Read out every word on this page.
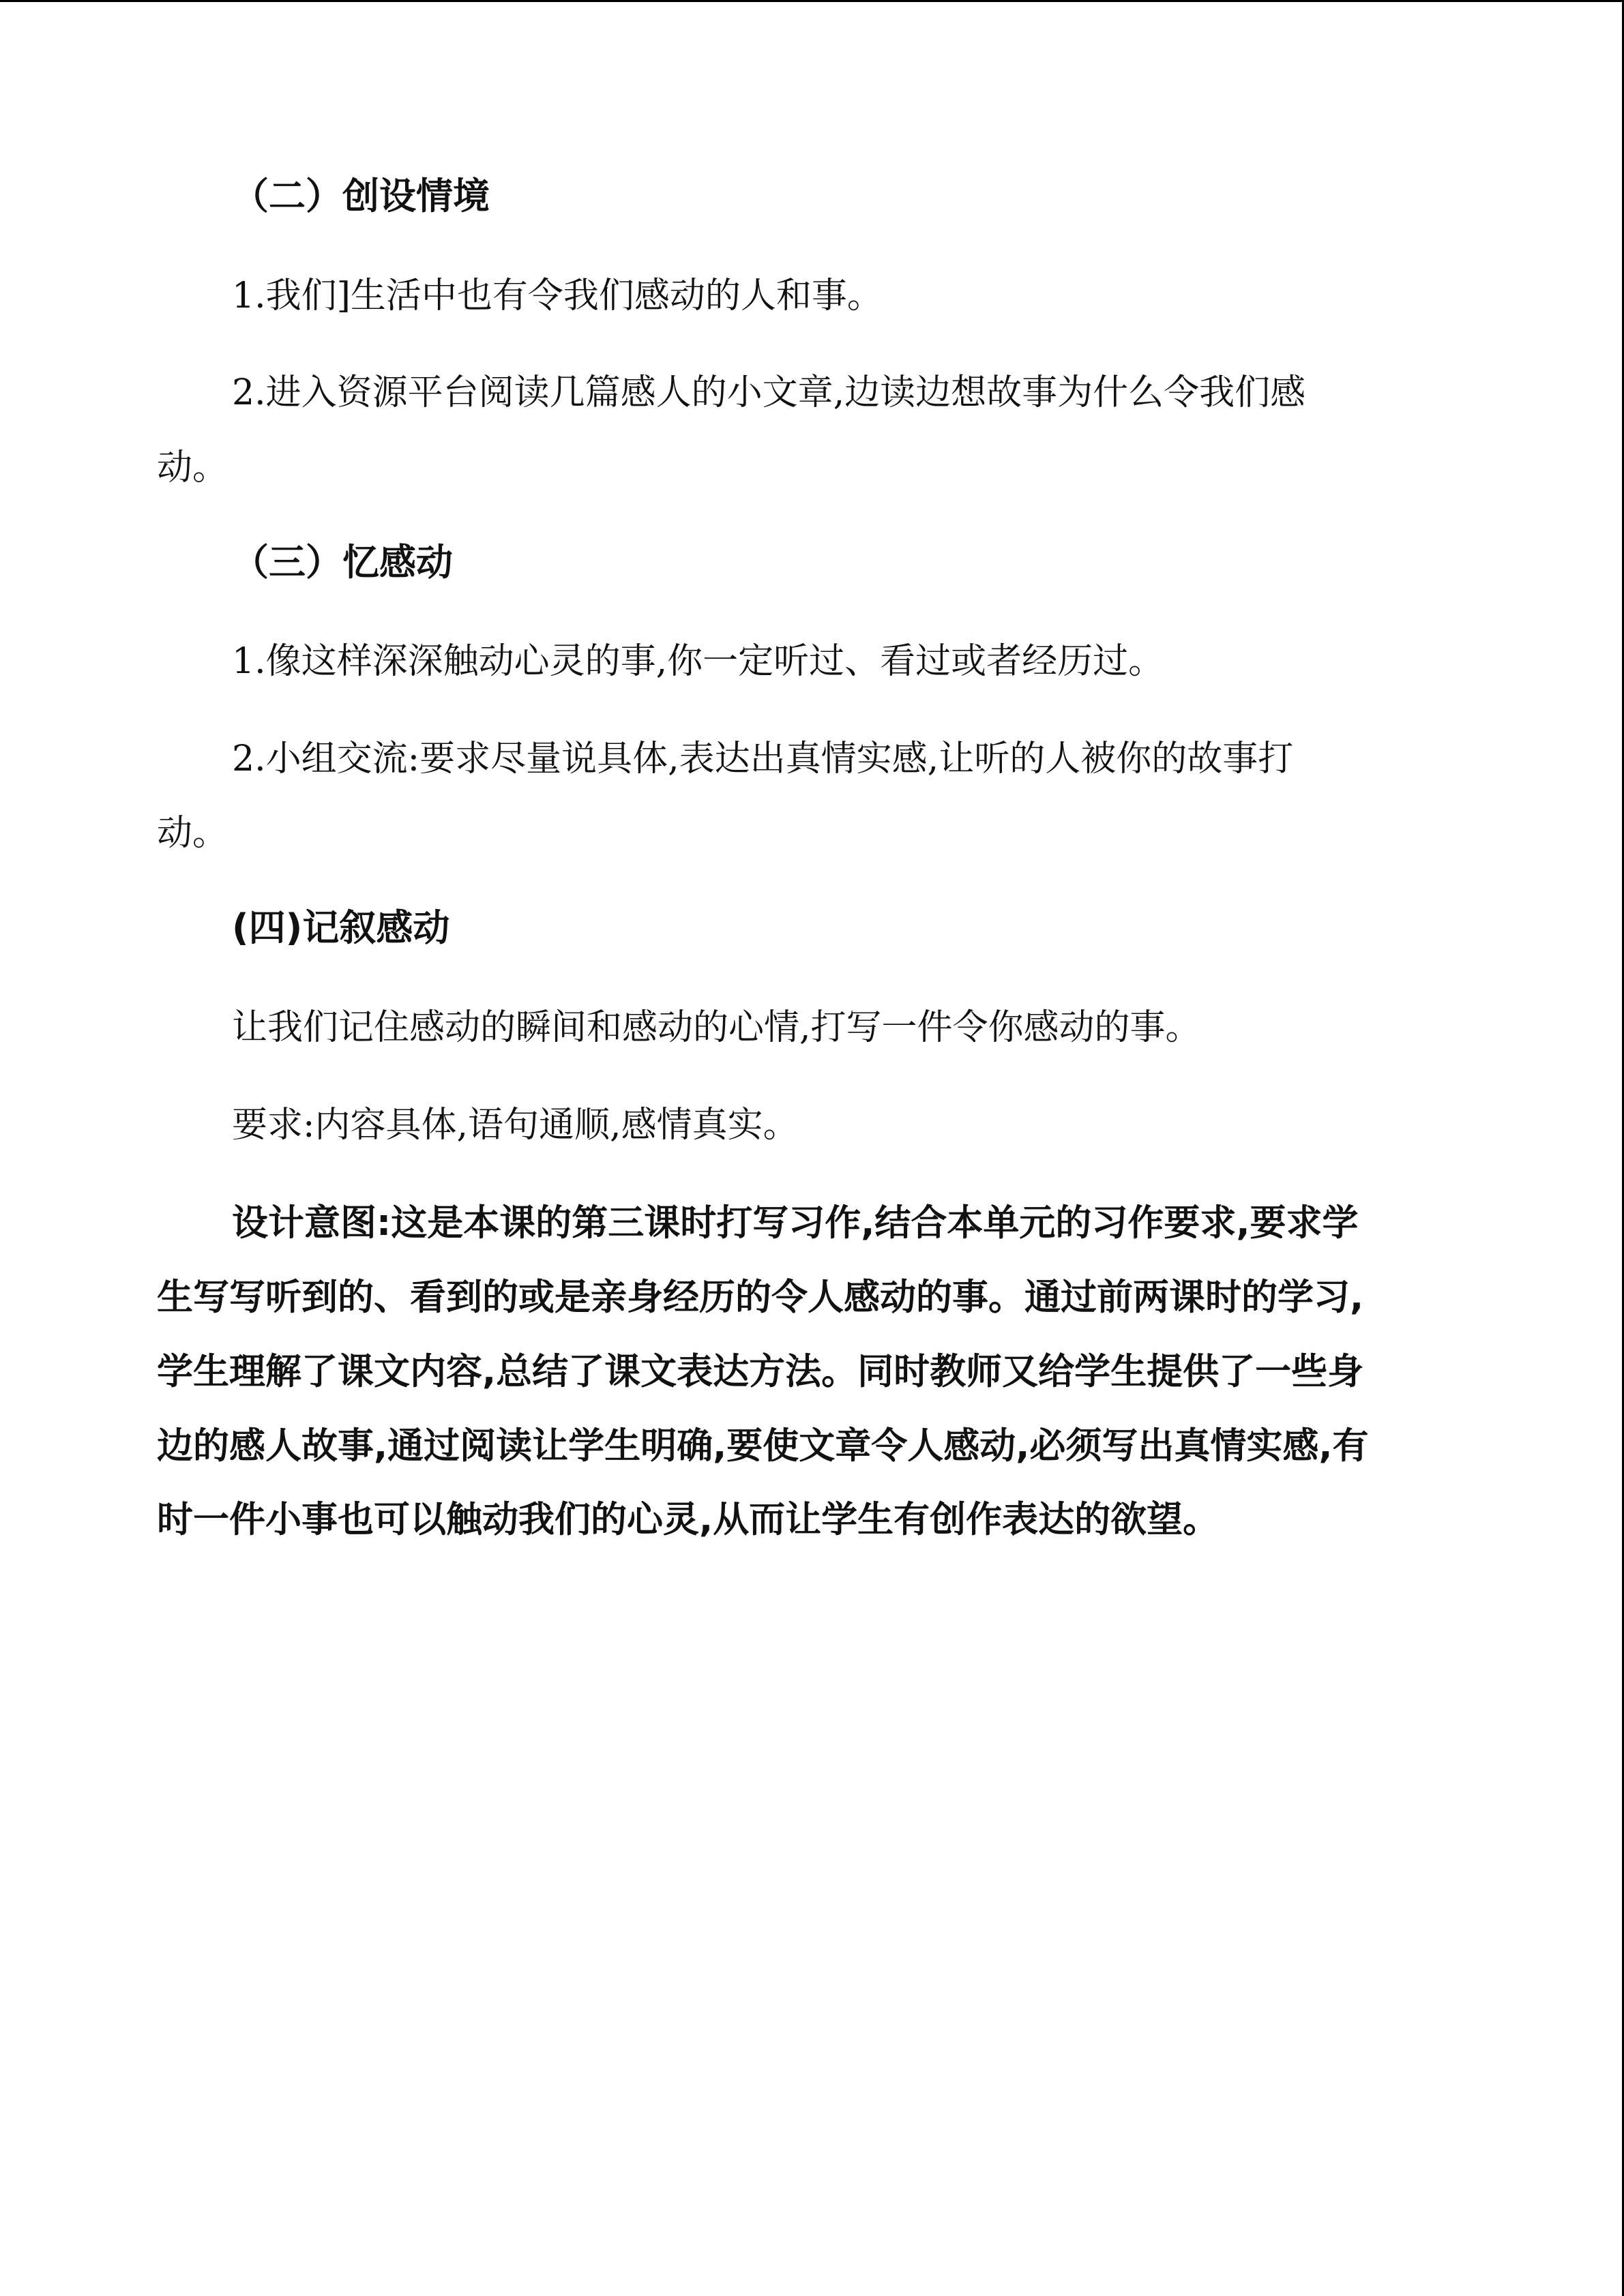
（二）创设情境

1.我们]生活中也有令我们感动的人和事。

2.进入资源平台阅读几篇感人的小文章,边读边想故事为什么令我们感

动。

（三）忆感动

1.像这样深深触动心灵的事,你一定听过、看过或者经历过。

2.小组交流:要求尽量说具体,表达出真情实感,让听的人被你的故事打

动。

(四)记叙感动

让我们记住感动的瞬间和感动的心情,打写一件令你感动的事。

要求:内容具体,语句通顺,感情真实。

设计意图:这是本课的第三课时打写习作,结合本单元的习作要求,要求学

生写写听到的、看到的或是亲身经历的令人感动的事。通过前两课时的学习,

学生理解了课文内容,总结了课文表达方法。同时教师又给学生提供了一些身

边的感人故事,通过阅读让学生明确,要使文章令人感动,必须写出真情实感,有

时一件小事也可以触动我们的心灵,从而让学生有创作表达的欲望。
